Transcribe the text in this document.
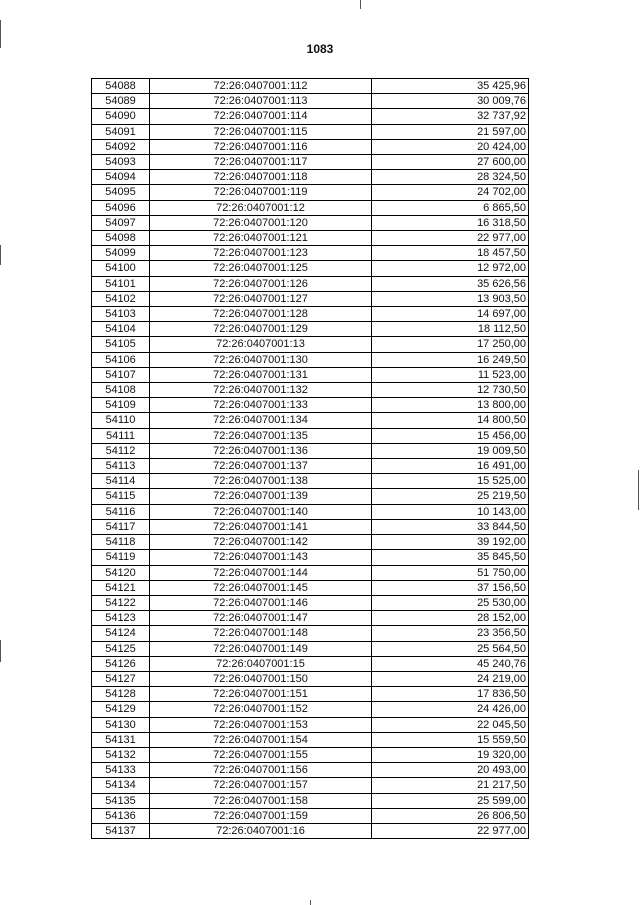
1083
54088	72:26:0407001:112	35 425,96
54089	72:26:0407001:113	30 009,76
54090	72:26:0407001:114	32 737,92
54091	72:26:0407001:115	21 597,00
54092	72:26:0407001:116	20 424,00
54093	72:26:0407001:117	27 600,00
54094	72:26:0407001:118	28 324,50
54095	72:26:0407001:119	24 702,00
54096	72:26:0407001:12	6 865,50
54097	72:26:0407001:120	16 318,50
54098	72:26:0407001:121	22 977,00
54099	72:26:0407001:123	18 457,50
54100	72:26:0407001:125	12 972,00
54101	72:26:0407001:126	35 626,56
54102	72:26:0407001:127	13 903,50
54103	72:26:0407001:128	14 697,00
54104	72:26:0407001:129	18 112,50
54105	72:26:0407001:13	17 250,00
54106	72:26:0407001:130	16 249,50
54107	72:26:0407001:131	11 523,00
54108	72:26:0407001:132	12 730,50
54109	72:26:0407001:133	13 800,00
54110	72:26:0407001:134	14 800,50
54111	72:26:0407001:135	15 456,00
54112	72:26:0407001:136	19 009,50
54113	72:26:0407001:137	16 491,00
54114	72:26:0407001:138	15 525,00
54115	72:26:0407001:139	25 219,50
54116	72:26:0407001:140	10 143,00
54117	72:26:0407001:141	33 844,50
54118	72:26:0407001:142	39 192,00
54119	72:26:0407001:143	35 845,50
54120	72:26:0407001:144	51 750,00
54121	72:26:0407001:145	37 156,50
54122	72:26:0407001:146	25 530,00
54123	72:26:0407001:147	28 152,00
54124	72:26:0407001:148	23 356,50
54125	72:26:0407001:149	25 564,50
54126	72:26:0407001:15	45 240,76
54127	72:26:0407001:150	24 219,00
54128	72:26:0407001:151	17 836,50
54129	72:26:0407001:152	24 426,00
54130	72:26:0407001:153	22 045,50
54131	72:26:0407001:154	15 559,50
54132	72:26:0407001:155	19 320,00
54133	72:26:0407001:156	20 493,00
54134	72:26:0407001:157	21 217,50
54135	72:26:0407001:158	25 599,00
54136	72:26:0407001:159	26 806,50
54137	72:26:0407001:16	22 977,00
